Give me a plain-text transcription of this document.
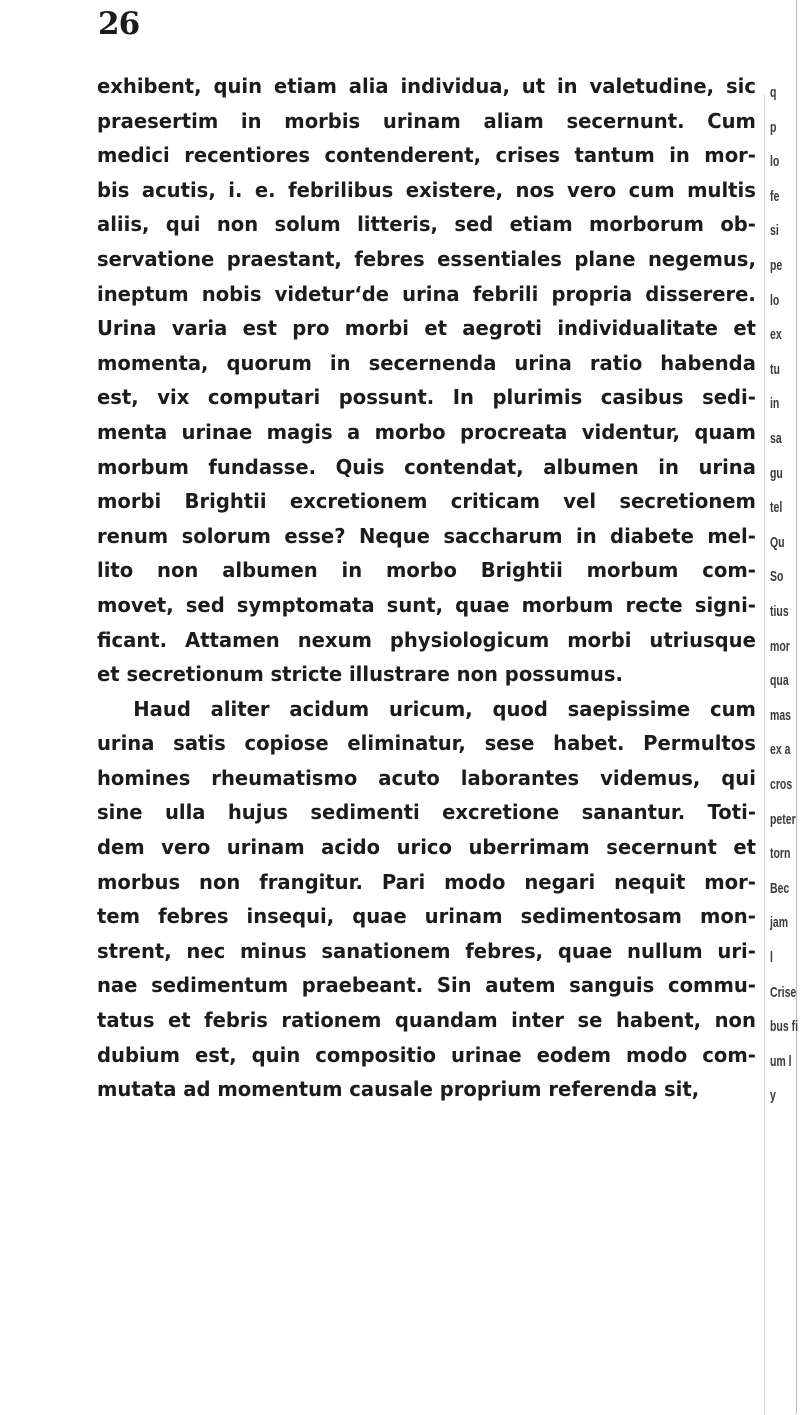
26
exhibent, quin etiam alia individua, ut in valetudine, sic
praesertim in morbis urinam aliam secernunt. Cum
medici recentiores contenderent, crises tantum in mor-
bis acutis, i. e. febrilibus existere, nos vero cum multis
aliis, qui non solum litteris, sed etiam morborum ob-
servatione praestant, febres essentiales plane negemus,
ineptum nobis videtur‘de urina febrili propria disserere.
Urina varia est pro morbi et aegroti individualitate et
momenta, quorum in secernenda urina ratio habenda
est, vix computari possunt. In plurimis casibus sedi-
menta urinae magis a morbo procreata videntur, quam
morbum fundasse. Quis contendat, albumen in urina
morbi Brightii excretionem criticam vel secretionem
renum solorum esse? Neque saccharum in diabete mel-
lito non albumen in morbo Brightii morbum com-
movet, sed symptomata sunt, quae morbum recte signi-
ficant. Attamen nexum physiologicum morbi utriusque
et secretionum stricte illustrare non possumus.
Haud aliter acidum uricum, quod saepissime cum
urina satis copiose eliminatur, sese habet. Permultos
homines rheumatismo acuto laborantes videmus, qui
sine ulla hujus sedimenti excretione sanantur. Toti-
dem vero urinam acido urico uberrimam secernunt et
morbus non frangitur. Pari modo negari nequit mor-
tem febres insequi, quae urinam sedimentosam mon-
strent, nec minus sanationem febres, quae nullum uri-
nae sedimentum praebeant. Sin autem sanguis commu-
tatus et febris rationem quandam inter se habent, non
dubium est, quin compositio urinae eodem modo com-
mutata ad momentum causale proprium referenda sit,
q
p
lo
fe
si
pe
lo
ex
tu
in
sa
gu
tel
Qu
So
tius
mor
qua
mas
ex a
cros
peter
torn
Bec
jam
l
Crise
bus fi
um l
y
